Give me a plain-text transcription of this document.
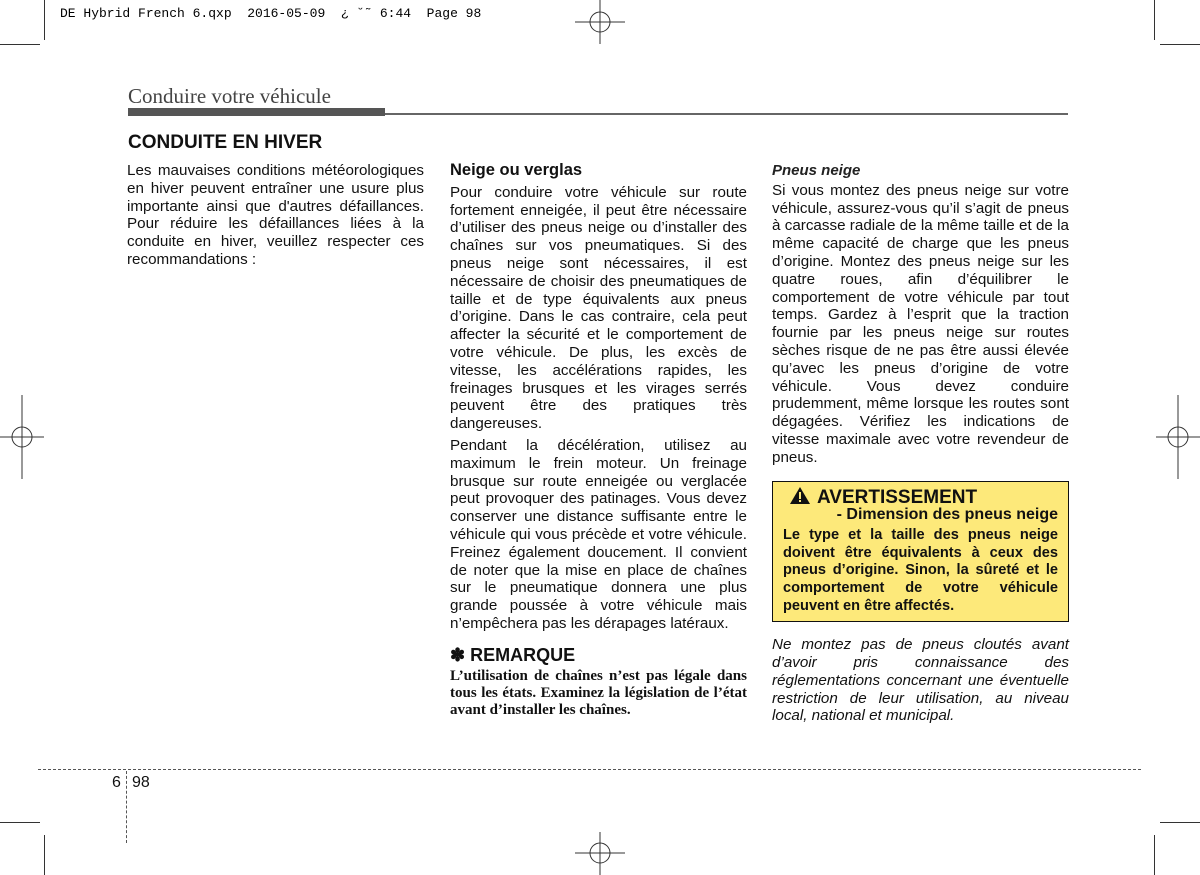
DE Hybrid French 6.qxp  2016-05-09  ¿ ˘˜ 6:44  Page 98
Conduire votre véhicule
CONDUITE EN HIVER

Les mauvaises conditions météorologiques en hiver peuvent entraîner une usure plus importante ainsi que d'autres défaillances. Pour réduire les défaillances liées à la conduite en hiver, veuillez respecter ces recommandations :

Neige ou verglas

Pour conduire votre véhicule sur route fortement enneigée, il peut être nécessaire d’utiliser des pneus neige ou d’installer des chaînes sur vos pneumatiques. Si des pneus neige sont nécessaires, il est nécessaire de choisir des pneumatiques de taille et de type équivalents aux pneus d’origine. Dans le cas contraire, cela peut affecter la sécurité et le comportement de votre véhicule. De plus, les excès de vitesse, les accélérations rapides, les freinages brusques et les virages serrés peuvent être des pratiques très dangereuses.

Pendant la décélération, utilisez au maximum le frein moteur. Un freinage brusque sur route enneigée ou verglacée peut provoquer des patinages. Vous devez conserver une distance suffisante entre le véhicule qui vous précède et votre véhicule. Freinez également doucement. Il convient de noter que la mise en place de chaînes sur le pneumatique donnera une plus grande poussée à votre véhicule mais n’empêchera pas les dérapages latéraux.

✽ REMARQUE
L’utilisation de chaînes n’est pas légale dans tous les états. Examinez la législation de l’état avant d’installer les chaînes.
Pneus neige

Si vous montez des pneus neige sur votre véhicule, assurez-vous qu’il s’agit de pneus à carcasse radiale de la même taille et de la même capacité de charge que les pneus d’origine. Montez des pneus neige sur les quatre roues, afin d’équilibrer le comportement de votre véhicule par tout temps. Gardez à l’esprit que la traction fournie par les pneus neige sur routes sèches risque de ne pas être aussi élevée qu’avec les pneus d’origine de votre véhicule. Vous devez conduire prudemment, même lorsque les routes sont dégagées. Vérifiez les indications de vitesse maximale avec votre revendeur de pneus.

AVERTISSEMENT
- Dimension des pneus neige
Le type et la taille des pneus neige doivent être équivalents à ceux des pneus d’origine. Sinon, la sûreté et le comportement de votre véhicule peuvent en être affectés.

Ne montez pas de pneus cloutés avant d’avoir pris connaissance des réglementations concernant une éventuelle restriction de leur utilisation, au niveau local, national et municipal.

6 98
